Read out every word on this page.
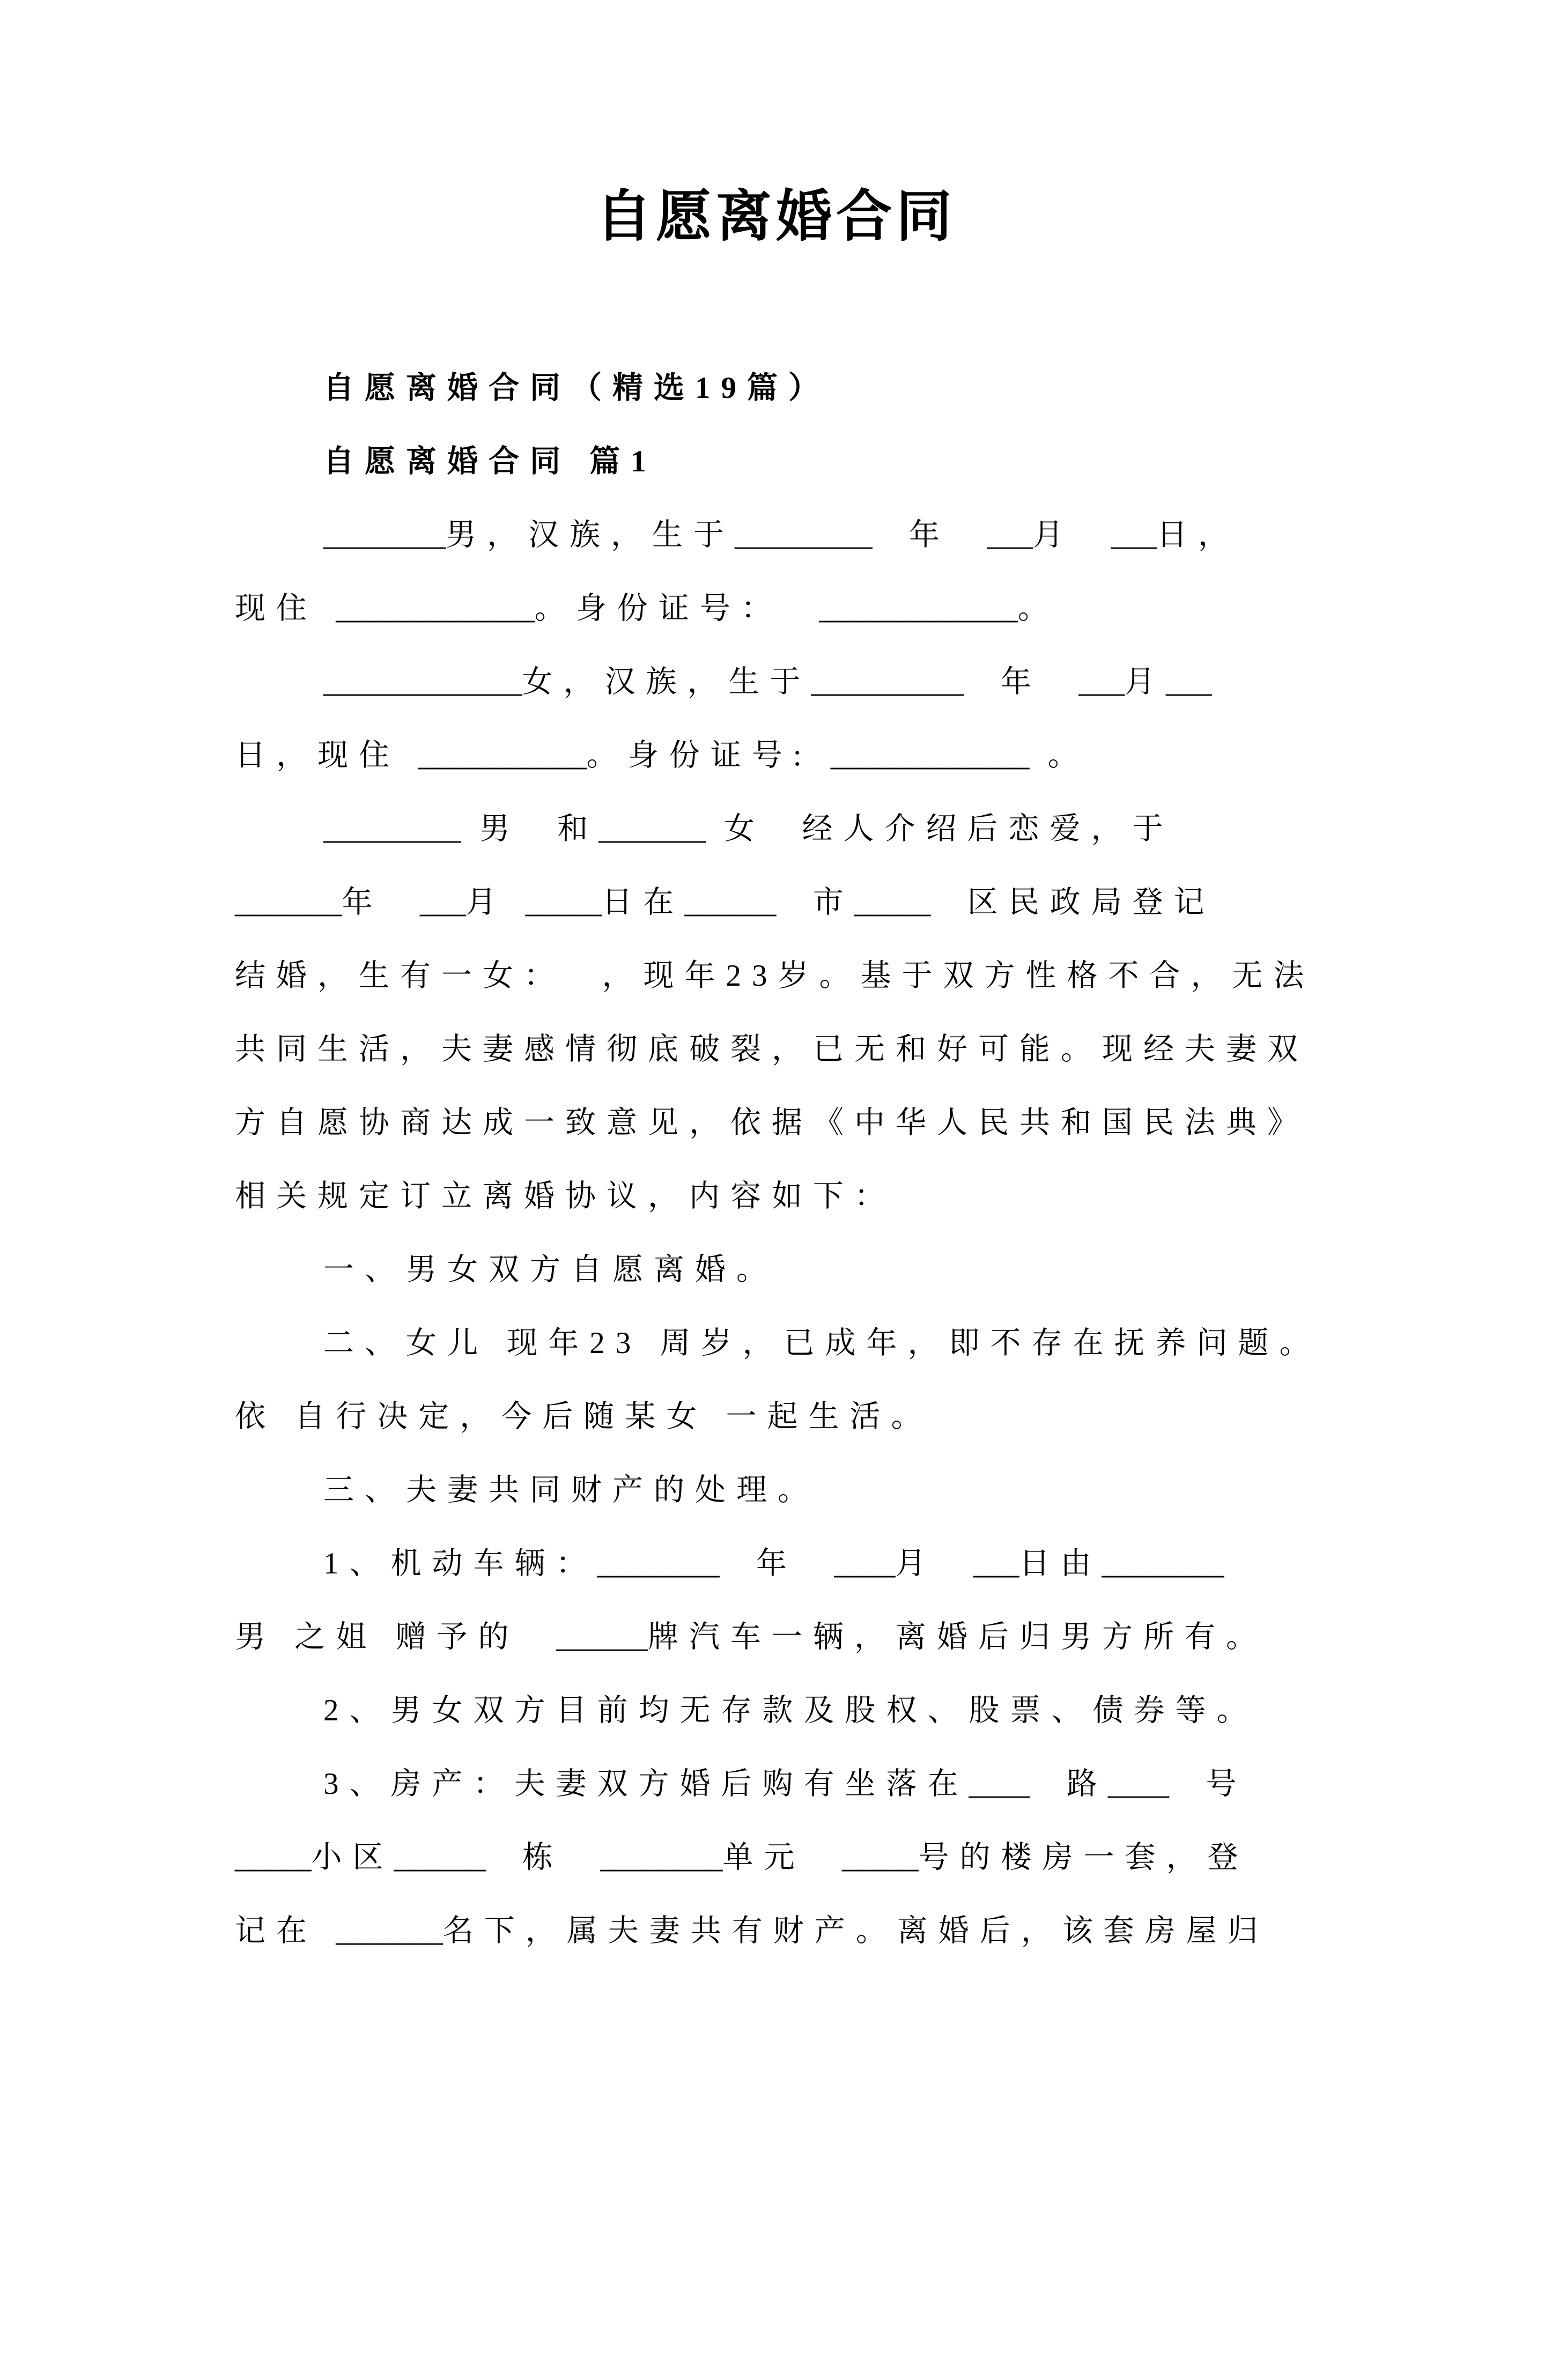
自愿离婚合同
自愿离婚合同（精选19篇）
自愿离婚合同 篇1
________男，汉族，生于_________  年  ___月  ___日，
现住 _____________。身份证号：  _____________。
_____________女，汉族，生于__________  年  ___月___
日，现住 ___________。身份证号: _____________ 。
_________ 男  和_______ 女  经人介绍后恋爱，于
_______年  ___月 _____日在______  市_____  区民政局登记
结婚，生有一女：  ，现年23岁。基于双方性格不合，无法
共同生活，夫妻感情彻底破裂，已无和好可能。现经夫妻双
方自愿协商达成一致意见，依据《中华人民共和国民法典》
相关规定订立离婚协议，内容如下：
一、男女双方自愿离婚。
二、女儿 现年23 周岁，已成年，即不存在抚养问题。
依 自行决定，今后随某女 一起生活。
三、夫妻共同财产的处理。
1、机动车辆：________  年  ____月  ___日由________
男 之姐 赠予的  ______牌汽车一辆，离婚后归男方所有。
2、男女双方目前均无存款及股权、股票、债券等。
3、房产：夫妻双方婚后购有坐落在____  路____  号
_____小区______  栋  ________单元  _____号的楼房一套，登
记在 _______名下，属夫妻共有财产。离婚后，该套房屋归
